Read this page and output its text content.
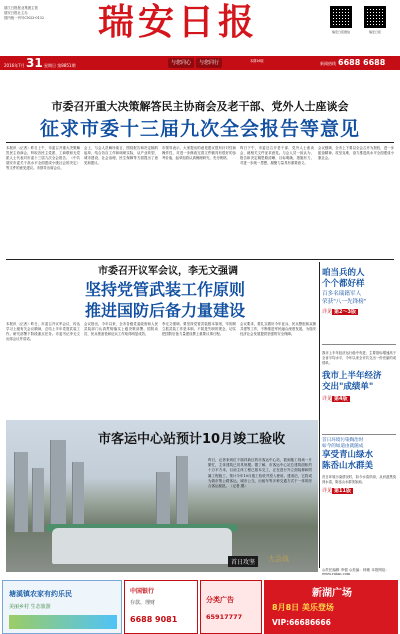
浙江日报报业集团主管
瑞安日报社主办
国内统一刊号CN33-0132	瑞安日报	瑞安日报微信	瑞安日报
2016年7月 31 星期日 第8851期	与您同心	与您同行	本期16版	新闻热线 6688 6688
市委召开重大决策解答民主协商会及老干部、党外人士座谈会
征求市委十三届九次全会报告等意见
本报讯（记者）昨日上午，市委召开重大决策解答民主协商会，听取各民主党派、工商联和无党派人士代表对市委十三届九次全会报告、《中共瑞安市委关于高水平全面建成小康社会的决定》等文件的意见建议。市领导出席会议。
会上，与会人员畅所欲言，围绕报告和决定稿的起草，结合各自工作和调研实际，从产业转型、城市建设、社会治理、民生保障等方面提出了意见和建议。
市领导表示，大家提出的意见建议很有针对性和操作性，对进一步修改完善文件稿具有很好的参考价值，起草组将认真梳理研究、充分吸纳。
昨日下午，市委还召开老干部、党外人士座谈会，就相关文件征求意见。与会人员一致认为，报告和决定稿思路清晰、目标明确、措施有力，对进一步统一思想、凝聚力量具有重要意义。
会议强调，全市上下要以全会召开为契机，进一步振奋精神、攻坚克难，奋力推进高水平全面建成小康社会。
市委召开议军会议，李无文强调
坚持党管武装工作原则
推进国防后备力量建设
本报讯（记者）昨日，市委召开议军会议，传达学习上级有关会议精神，总结上半年党管武装工作，研究部署下阶段重点任务。市委书记李无文出席会议并讲话。
会议指出，今年以来，全市各级党委政府和人民武装部门认真贯彻落实上级决策部署，国防动员、民兵预备役和征兵工作取得明显成效。
李无文强调，要坚持党管武装根本原则，牢固树立抓武装工作是本职、不抓是失职的观念，切实把国防后备力量建设摆上重要议事日程。
会议要求，要扎实做好今年征兵、民兵整组和双拥共建等工作，不断推进军民融合深度发展，为瑞安经济社会发展提供坚强的安全保障。
咱当兵的人
个个都好样
百多名瑞籍军人
荣获"八一先锋榜"
详见 第2～3版
我市上半年经济运行稳中有进，主要指标增速高于全省平均水平，今年以来全市共交出一份亮丽的成绩单。
我市上半年经济
交出"成绩单"
详见 第4版
首日环境污染陶治时
如今的如道由就随成
享受青山绿水
陈岙山水群美
首日环境污染情况时，如今水清岸绿，从河道黑臭到水清，陈岙山水群美如画。
详见 第11版
市客运中心站预计10月竣工验收
昨日，记者来到位于瑞祥新区的市客运中心站，看到施工现场一片繁忙，主体建筑已初具规模。据了解，市客运中心站总建筑面积约十万平方米，目前主体工程已基本完工，正在进行外立面装修和附属工程施工，预计今年10月竣工验收并投入使用。建成后，它将成为我市集公路客运、城市公交、出租车等多种交通方式于一体的综合客运枢纽。（记者 摄）
首日攻坚	大会战
◎责任编辑 李强 ◎美编：林敏 本报网址：www.ruian.com
塘溪镇农家有约乐民
美丽乡村 生态旅游
中国银行
存款、理财
6688 9081
分类广告
65917777
新湖广场
8月8日 美乐登场
VIP:66686666
